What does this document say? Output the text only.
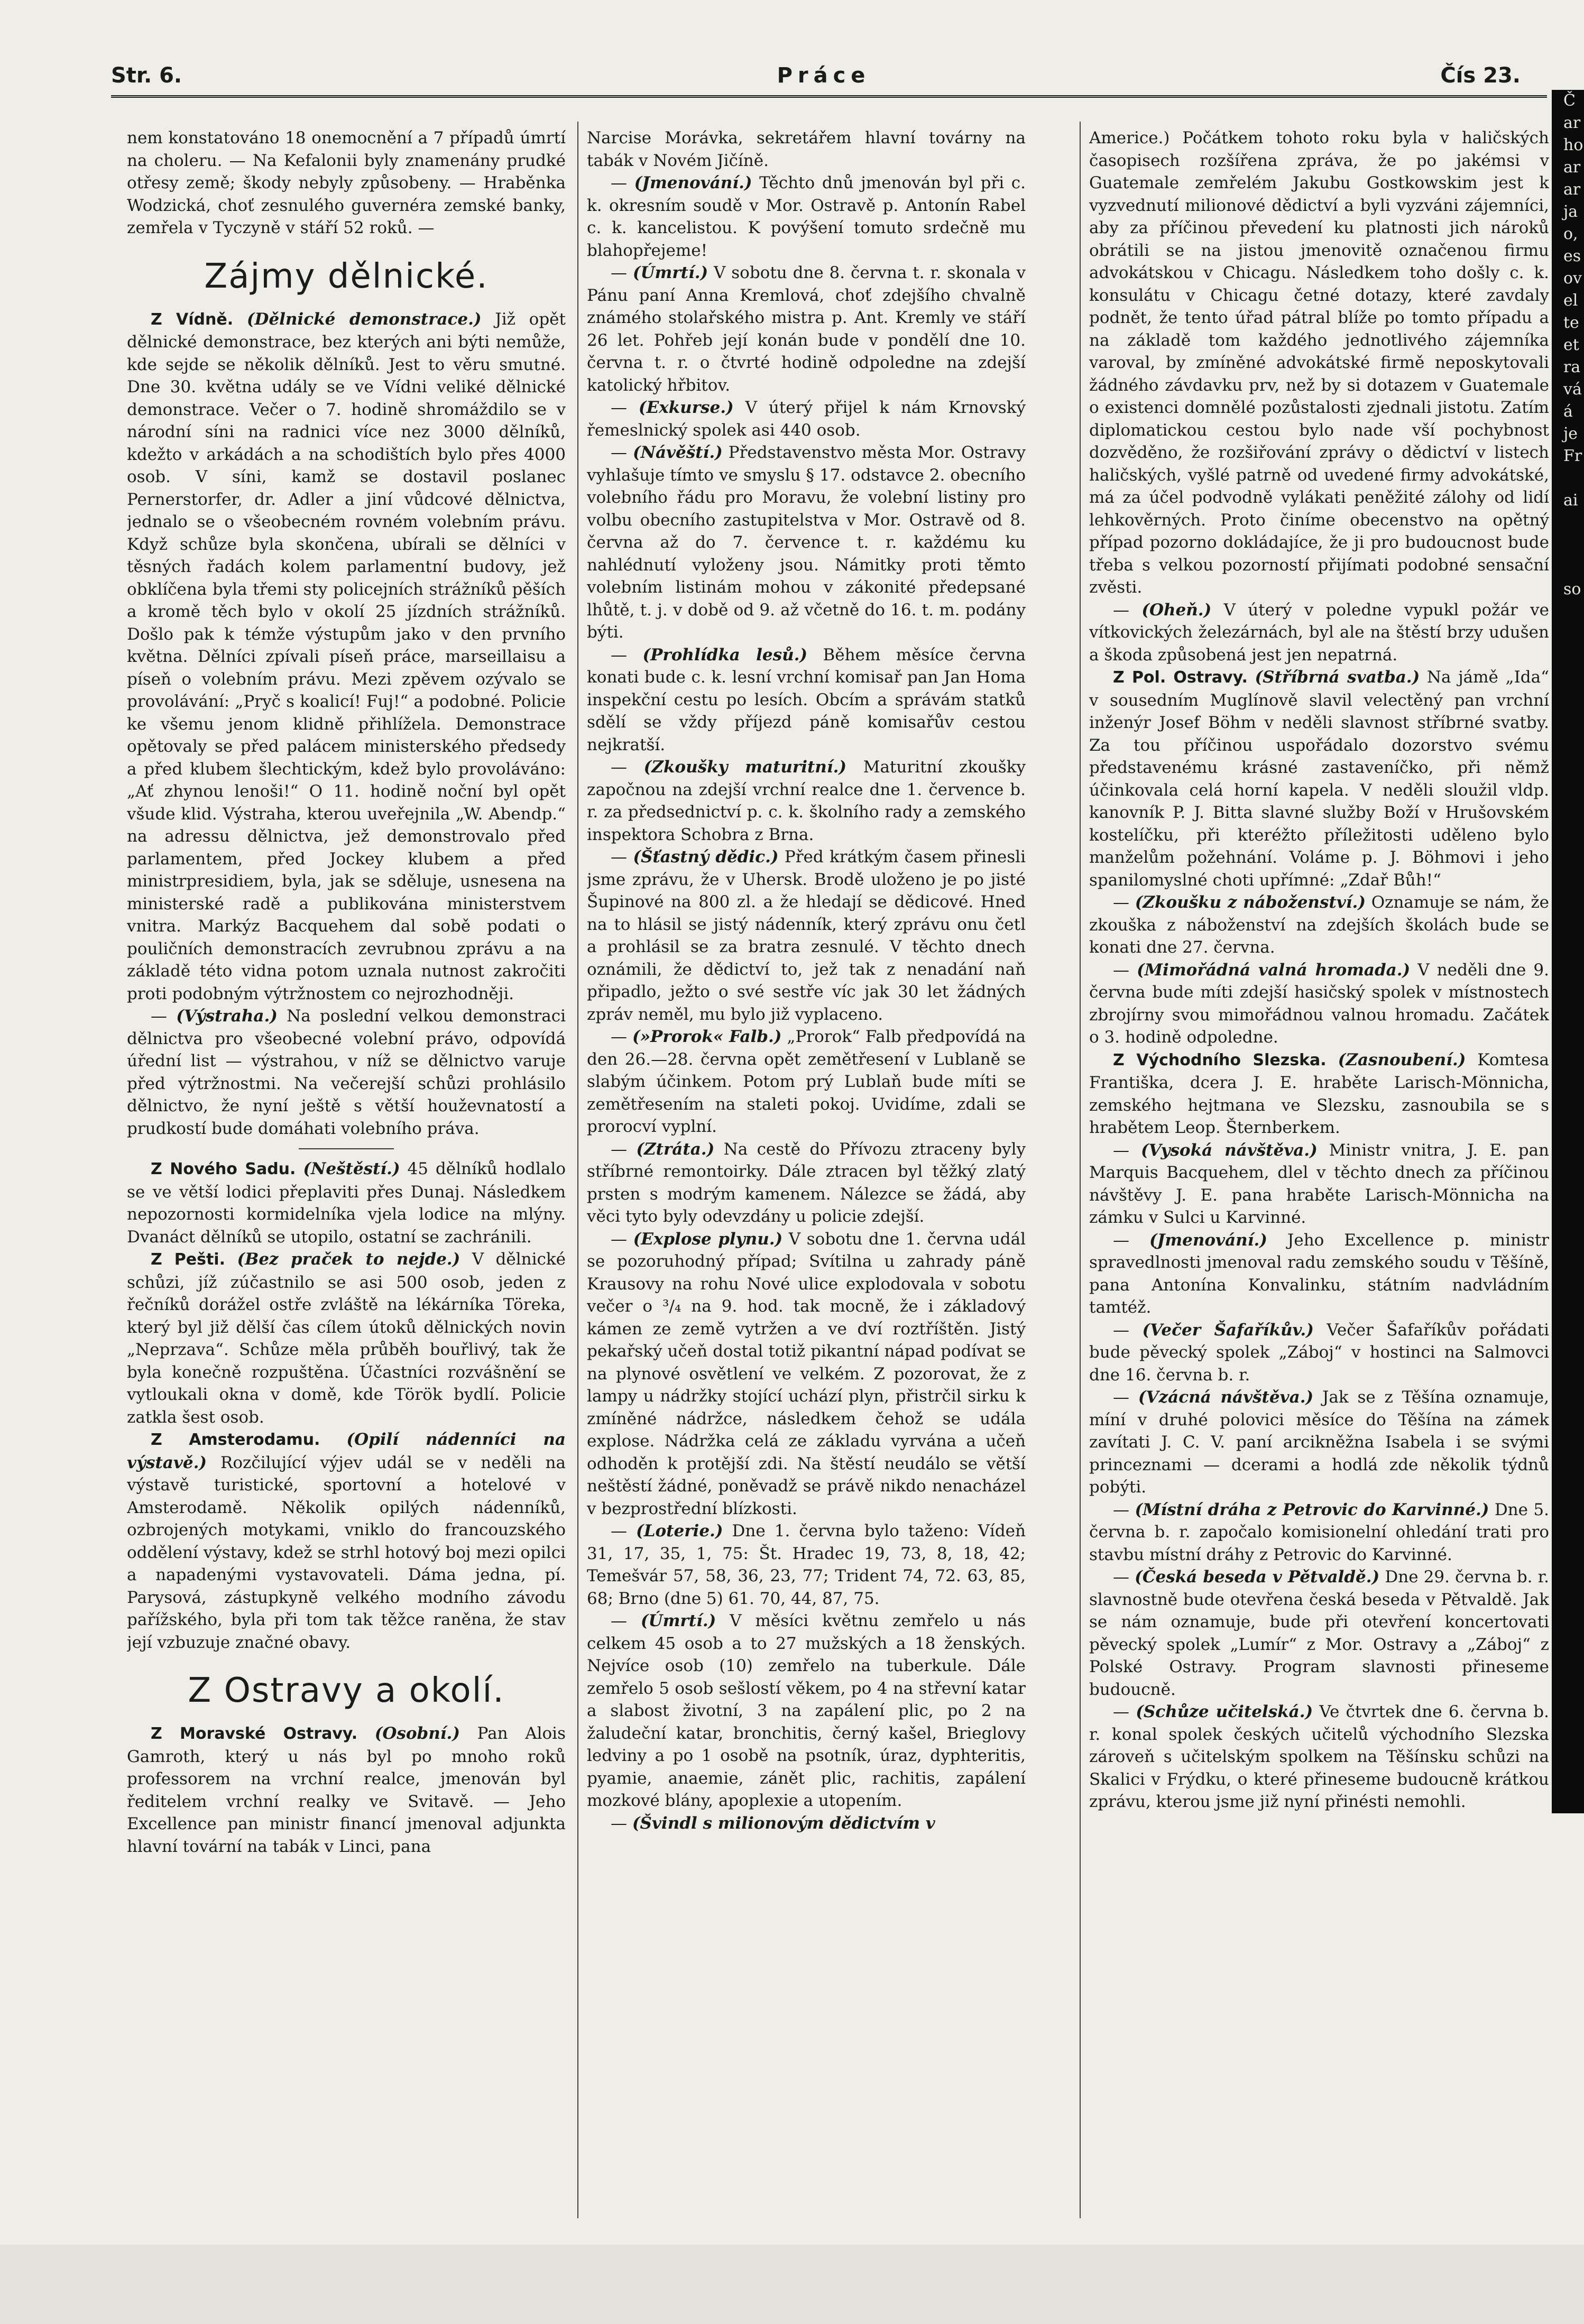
Str. 6.	Práce	Čís 23.

nem konstatováno 18 onemocnění a 7 případů úmrtí na choleru. — Na Kefalonii byly znamenány prudké otřesy země; škody nebyly způsobeny. — Hraběnka Wodzická, choť zesnulého guvernéra zemské banky, zemřela v Tyczyně v stáří 52 roků. —

Zájmy dělnické.

Z Vídně. (Dělnické demonstrace.) Již opět dělnické demonstrace, bez kterých ani býti nemůže, kde sejde se několik dělníků. Jest to věru smutné. Dne 30. května udály se ve Vídni veliké dělnické demonstrace. Večer o 7. hodině shromáždilo se v národní síni na radnici více nez 3000 dělníků, kdežto v arkádách a na schodištích bylo přes 4000 osob. V síni, kamž se dostavil poslanec Pernerstorfer, dr. Adler a jiní vůdcové dělnictva, jednalo se o všeobecném rovném volebním právu. Když schůze byla skončena, ubírali se dělníci v těsných řadách kolem parlamentní budovy, jež obklíčena byla třemi sty policejních strážníků pěších a kromě těch bylo v okolí 25 jízdních strážníků. Došlo pak k témže výstupům jako v den prvního května. Dělníci zpívali píseň práce, marseillaisu a píseň o volebním právu. Mezi zpěvem ozývalo se provolávání: „Pryč s koalicí! Fuj!“ a podobné. Policie ke všemu jenom klidně přihlížela. Demonstrace opětovaly se před palácem ministerského předsedy a před klubem šlechtickým, kdež bylo provoláváno: „Ať zhynou lenoši!“ O 11. hodině noční byl opět všude klid. Výstraha, kterou uveřejnila „W. Abendp.“ na adressu dělnictva, jež demonstrovalo před parlamentem, před Jockey klubem a před ministrpresidiem, byla, jak se sděluje, usnesena na ministerské radě a publikována ministerstvem vnitra. Markýz Bacquehem dal sobě podati o pouličních demonstracích zevrubnou zprávu a na základě této vidna potom uznala nutnost zakročiti proti podobným výtržnostem co nejrozhodněji.

— (Výstraha.) Na poslední velkou demonstraci dělnictva pro všeobecné volební právo, odpovídá úřední list — výstrahou, v níž se dělnictvo varuje před výtržnostmi. Na večerejší schůzi prohlásilo dělnictvo, že nyní ještě s větší houževnatostí a prudkostí bude domáhati volebního práva.

Z Nového Sadu. (Neštěstí.) 45 dělníků hodlalo se ve větší lodici přeplaviti přes Dunaj. Následkem nepozornosti kormidelníka vjela lodice na mlýny. Dvanáct dělníků se utopilo, ostatní se zachránili.

Z Pešti. (Bez praček to nejde.) V dělnické schůzi, jíž zúčastnilo se asi 500 osob, jeden z řečníků dorážel ostře zvláště na lékárníka Töreka, který byl již dělší čas cílem útoků dělnických novin „Neprzava“. Schůze měla průběh bouřlivý, tak že byla konečně rozpuštěna. Účastníci rozvášnění se vytloukali okna v domě, kde Török bydlí. Policie zatkla šest osob.

Z Amsterodamu. (Opilí nádenníci na výstavě.) Rozčilující výjev udál se v neděli na výstavě turistické, sportovní a hotelové v Amsterodamě. Několik opilých nádenníků, ozbrojených motykami, vniklo do francouzského oddělení výstavy, kdež se strhl hotový boj mezi opilci a napadenými vystavovateli. Dáma jedna, pí. Parysová, zástupkyně velkého modního závodu pařížského, byla při tom tak těžce raněna, že stav její vzbuzuje značné obavy.

Z Ostravy a okolí.

Z Moravské Ostravy. (Osobní.) Pan Alois Gamroth, který u nás byl po mnoho roků professorem na vrchní realce, jmenován byl ředitelem vrchní realky ve Svitavě. — Jeho Excellence pan ministr financí jmenoval adjunkta hlavní tovární na tabák v Linci, pana

Narcise Morávka, sekretářem hlavní továrny na tabák v Novém Jičíně.

— (Jmenování.) Těchto dnů jmenován byl při c. k. okresním soudě v Mor. Ostravě p. Antonín Rabel c. k. kancelistou. K povýšení tomuto srdečně mu blahopřejeme!

— (Úmrtí.) V sobotu dne 8. června t. r. skonala v Pánu paní Anna Kremlová, choť zdejšího chvalně známého stolařského mistra p. Ant. Kremly ve stáří 26 let. Pohřeb její konán bude v pondělí dne 10. června t. r. o čtvrté hodině odpoledne na zdejší katolický hřbitov.

— (Exkurse.) V úterý přijel k nám Krnovský řemeslnický spolek asi 440 osob.

— (Návěští.) Představenstvo města Mor. Ostravy vyhlašuje tímto ve smyslu § 17. odstavce 2. obecního volebního řádu pro Moravu, že volební listiny pro volbu obecního zastupitelstva v Mor. Ostravě od 8. června až do 7. července t. r. každému ku nahlédnutí vyloženy jsou. Námitky proti těmto volebním listinám mohou v zákonité předepsané lhůtě, t. j. v době od 9. až včetně do 16. t. m. podány býti.

— (Prohlídka lesů.) Během měsíce června konati bude c. k. lesní vrchní komisař pan Jan Homa inspekční cestu po lesích. Obcím a správám statků sdělí se vždy příjezd páně komisařův cestou nejkratší.

— (Zkoušky maturitní.) Maturitní zkoušky započnou na zdejší vrchní realce dne 1. července b. r. za předsednictví p. c. k. školního rady a zemského inspektora Schobra z Brna.

— (Šťastný dědic.) Před krátkým časem přinesli jsme zprávu, že v Uhersk. Brodě uloženo je po jisté Šupinové na 800 zl. a že hledají se dědicové. Hned na to hlásil se jistý nádenník, který zprávu onu četl a prohlásil se za bratra zesnulé. V těchto dnech oznámili, že dědictví to, jež tak z nenadání naň připadlo, ježto o své sestře víc jak 30 let žádných zpráv neměl, mu bylo již vyplaceno.

— (»Prorok« Falb.) „Prorok“ Falb předpovídá na den 26.—28. června opět zemětřesení v Lublaně se slabým účinkem. Potom prý Lublaň bude míti se zemětřesením na staleti pokoj. Uvidíme, zdali se prorocví vyplní.

— (Ztráta.) Na cestě do Přívozu ztraceny byly stříbrné remontoirky. Dále ztracen byl těžký zlatý prsten s modrým kamenem. Nálezce se žádá, aby věci tyto byly odevzdány u policie zdejší.

— (Explose plynu.) V sobotu dne 1. června udál se pozoruhodný případ; Svítilna u zahrady páně Krausovy na rohu Nové ulice explodovala v sobotu večer o ³/₄ na 9. hod. tak mocně, že i základový kámen ze země vytržen a ve dví roztříštěn. Jistý pekařský učeň dostal totiž pikantní nápad podívat se na plynové osvětlení ve velkém. Z pozorovat, že z lampy u nádržky stojící uchází plyn, přistrčil sirku k zmíněné nádržce, následkem čehož se udála explose. Nádržka celá ze základu vyrvána a učeň odhoděn k protější zdi. Na štěstí neudálo se větší neštěstí žádné, poněvadž se právě nikdo nenacházel v bezprostřední blízkosti.

— (Loterie.) Dne 1. června bylo taženo: Vídeň 31, 17, 35, 1, 75: Št. Hradec 19, 73, 8, 18, 42; Temešvár 57, 58, 36, 23, 77; Trident 74, 72. 63, 85, 68; Brno (dne 5) 61. 70, 44, 87, 75.

— (Úmrtí.) V měsíci květnu zemřelo u nás celkem 45 osob a to 27 mužských a 18 ženských. Nejvíce osob (10) zemřelo na tuberkule. Dále zemřelo 5 osob sešlostí věkem, po 4 na střevní katar a slabost životní, 3 na zapálení plic, po 2 na žaludeční katar, bronchitis, černý kašel, Brieglovy ledviny a po 1 osobě na psotník, úraz, dyphteritis, pyamie, anaemie, zánět plic, rachitis, zapálení mozkové blány, apoplexie a utopením.

— (Švindl s milionovým dědictvím v

Americe.) Počátkem tohoto roku byla v haličských časopisech rozšířena zpráva, že po jakémsi v Guatemale zemřelém Jakubu Gostkowskim jest k vyzvednutí milionové dědictví a byli vyzváni zájemníci, aby za příčinou převedení ku platnosti jich nároků obrátili se na jistou jmenovitě označenou firmu advokátskou v Chicagu. Následkem toho došly c. k. konsulátu v Chicagu četné dotazy, které zavdaly podnět, že tento úřad pátral blíže po tomto případu a na základě tom každého jednotlivého zájemníka varoval, by zmíněné advokátské firmě neposkytovali žádného závdavku prv, než by si dotazem v Guatemale o existenci domnělé pozůstalosti zjednali jistotu. Zatím diplomatickou cestou bylo nade vší pochybnost dozvěděno, že rozšiřování zprávy o dědictví v listech haličských, vyšlé patrně od uvedené firmy advokátské, má za účel podvodně vylákati peněžité zálohy od lidí lehkověrných. Proto činíme obecenstvo na opětný případ pozorno dokládajíce, že ji pro budoucnost bude třeba s velkou pozorností přijímati podobné sensační zvěsti.

— (Oheň.) V úterý v poledne vypukl požár ve vítkovických železárnách, byl ale na štěstí brzy udušen a škoda způsobená jest jen nepatrná.

Z Pol. Ostravy. (Stříbrná svatba.) Na jámě „Ida“ v sousedním Muglínově slavil velectěný pan vrchní inženýr Josef Böhm v neděli slavnost stříbrné svatby. Za tou příčinou uspořádalo dozorstvo svému představenému krásné zastaveníčko, při němž účinkovala celá horní kapela. V neděli sloužil vldp. kanovník P. J. Bitta slavné služby Boží v Hrušovském kostelíčku, při kteréžto příležitosti uděleno bylo manželům požehnání. Voláme p. J. Böhmovi i jeho spanilomyslné choti upřímné: „Zdař Bůh!“

— (Zkoušku z náboženství.) Oznamuje se nám, že zkouška z náboženství na zdejších školách bude se konati dne 27. června.

— (Mimořádná valná hromada.) V neděli dne 9. června bude míti zdejší hasičský spolek v místnostech zbrojírny svou mimořádnou valnou hromadu. Začátek o 3. hodině odpoledne.

Z Východního Slezska. (Zasnoubení.) Komtesa Františka, dcera J. E. hraběte Larisch-Mönnicha, zemského hejtmana ve Slezsku, zasnoubila se s hrabětem Leop. Šternberkem.

— (Vysoká návštěva.) Ministr vnitra, J. E. pan Marquis Bacquehem, dlel v těchto dnech za příčinou návštěvy J. E. pana hraběte Larisch-Mönnicha na zámku v Sulci u Karvinné.

— (Jmenování.) Jeho Excellence p. ministr spravedlnosti jmenoval radu zemského soudu v Těšíně, pana Antonína Konvalinku, státním nadvládním tamtéž.

— (Večer Šafaříkův.) Večer Šafaříkův pořádati bude pěvecký spolek „Záboj“ v hostinci na Salmovci dne 16. června b. r.

— (Vzácná návštěva.) Jak se z Těšína oznamuje, míní v druhé polovici měsíce do Těšína na zámek zavítati J. C. V. paní arcikněžna Isabela i se svými princeznami — dcerami a hodlá zde několik týdnů pobýti.

— (Místní dráha z Petrovic do Karvinné.) Dne 5. června b. r. započalo komisionelní ohledání trati pro stavbu místní dráhy z Petrovic do Karvinné.

— (Česká beseda v Pětvaldě.) Dne 29. června b. r. slavnostně bude otevřena česká beseda v Pětvaldě. Jak se nám oznamuje, bude při otevření koncertovati pěvecký spolek „Lumír“ z Mor. Ostravy a „Záboj“ z Polské Ostravy. Program slavnosti přineseme budoucně.

— (Schůze učitelská.) Ve čtvrtek dne 6. června b. r. konal spolek českých učitelů východního Slezska zároveň s učitelským spolkem na Těšínsku schůzi na Skalici v Frýdku, o které přineseme budoucně krátkou zprávu, kterou jsme již nyní přinésti nemohli.

Č
ar
ho
ar
ar
ja
o,
es
ov
el
te
et
ra
vá
á
je
Fr

ai

so
